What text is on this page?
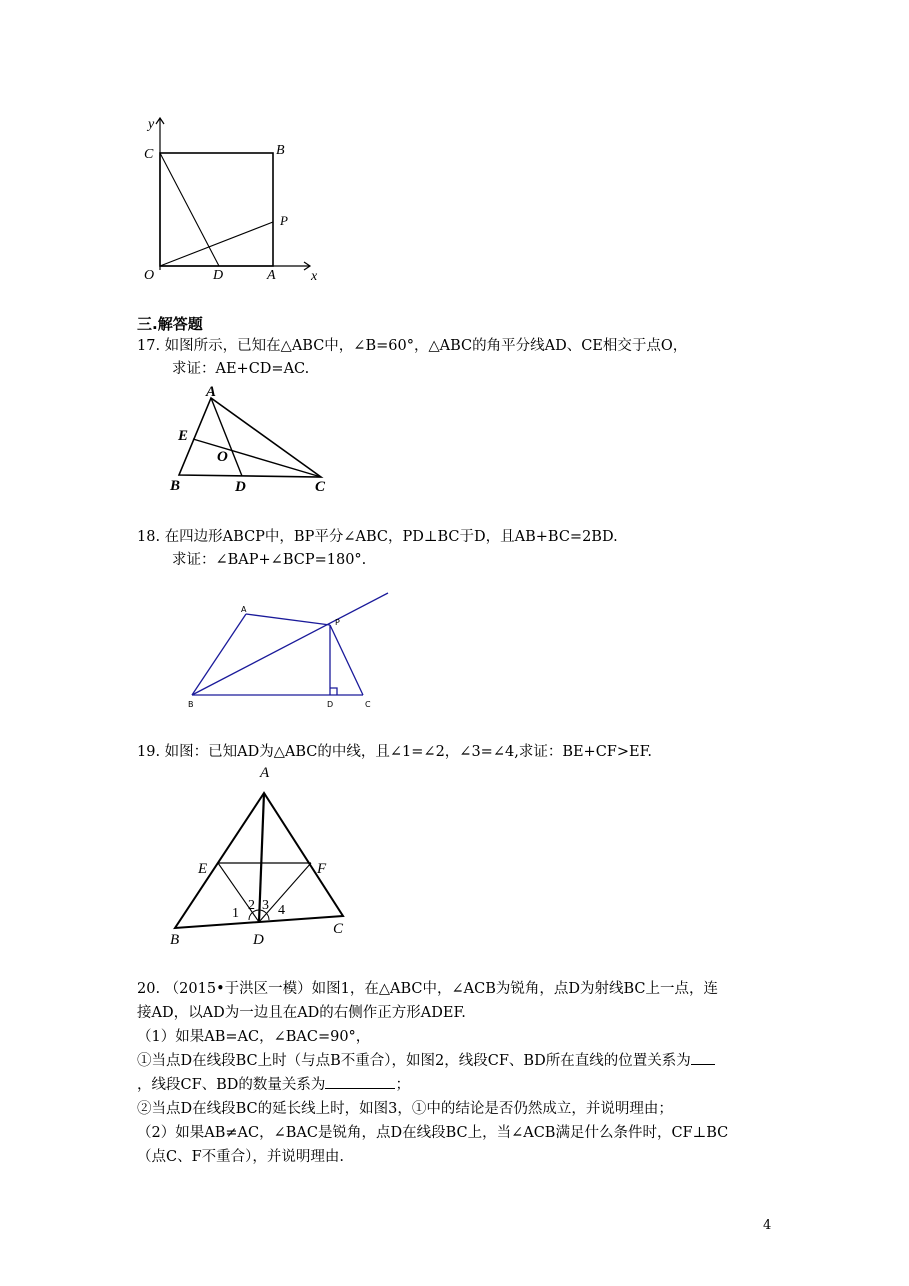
y
x
C	B
P
O	D	A
三.解答题
17. 如图所示，已知在△ABC中，∠B=60°，△ABC的角平分线AD、CE相交于点O，
求证：AE+CD=AC.
A
E
O
B	D	C
18. 在四边形ABCP中，BP平分∠ABC，PD⊥BC于D，且AB+BC=2BD.
求证：∠BAP+∠BCP=180°.
A
P
B	D	C
19. 如图：已知AD为△ABC的中线，且∠1=∠2，∠3=∠4,求证：BE+CF>EF.
A
E	F
B	D
C
1
2 3 4
20. （2015•于洪区一模）如图1，在△ABC中，∠ACB为锐角，点D为射线BC上一点，连
接AD，以AD为一边且在AD的右侧作正方形ADEF.
（1）如果AB=AC，∠BAC=90°，
①当点D在线段BC上时（与点B不重合），如图2，线段CF、BD所在直线的位置关系为
，线段CF、BD的数量关系为	；
②当点D在线段BC的延长线上时，如图3，①中的结论是否仍然成立，并说明理由；
（2）如果AB≠AC，∠BAC是锐角，点D在线段BC上，当∠ACB满足什么条件时，CF⊥BC
（点C、F不重合），并说明理由.
4
